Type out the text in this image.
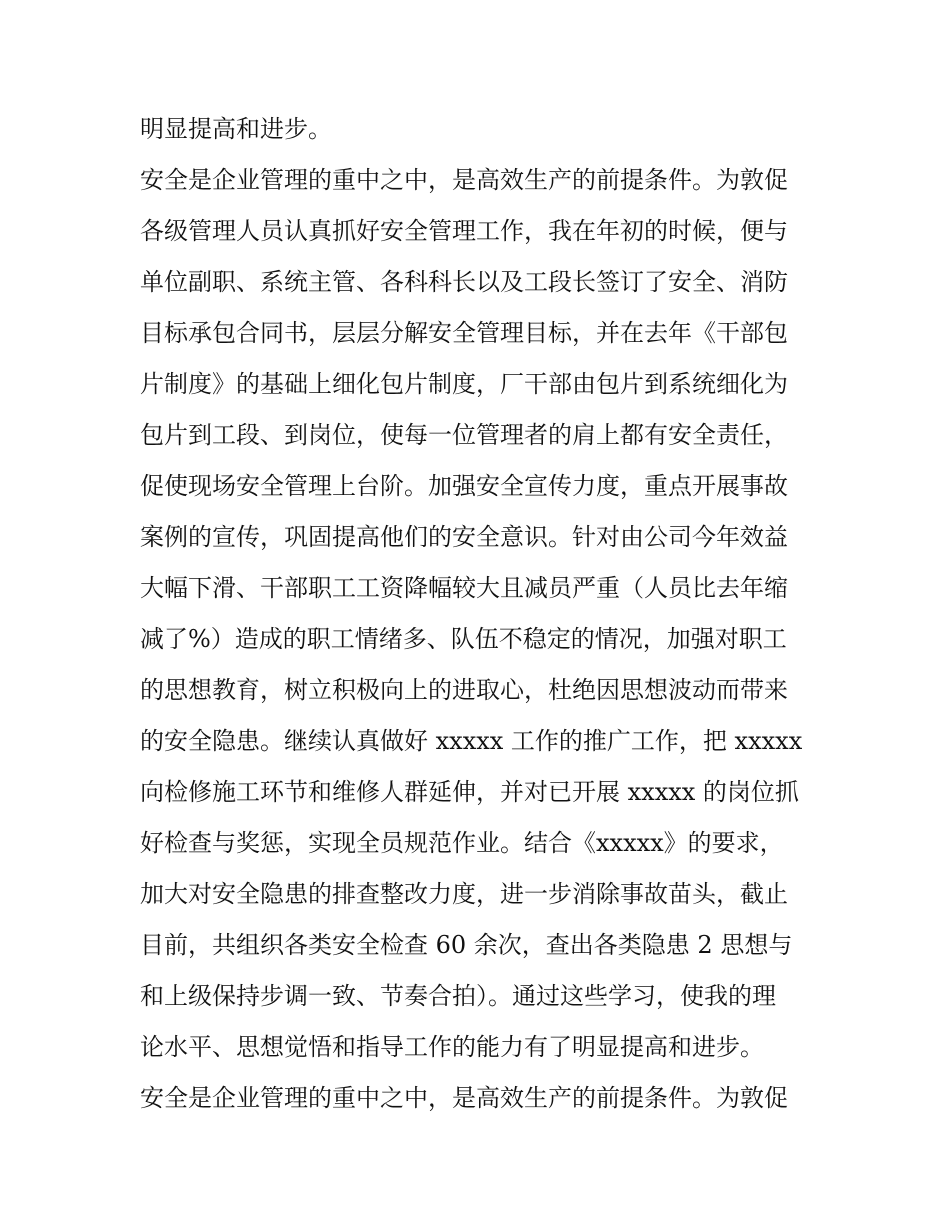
明显提高和进步。
安全是企业管理的重中之中，是高效生产的前提条件。为敦促
各级管理人员认真抓好安全管理工作，我在年初的时候，便与
单位副职、系统主管、各科科长以及工段长签订了安全、消防
目标承包合同书，层层分解安全管理目标，并在去年《干部包
片制度》的基础上细化包片制度，厂干部由包片到系统细化为
包片到工段、到岗位，使每一位管理者的肩上都有安全责任，
促使现场安全管理上台阶。加强安全宣传力度，重点开展事故
案例的宣传，巩固提高他们的安全意识。针对由公司今年效益
大幅下滑、干部职工工资降幅较大且减员严重（人员比去年缩
减了%）造成的职工情绪多、队伍不稳定的情况，加强对职工
的思想教育，树立积极向上的进取心，杜绝因思想波动而带来
的安全隐患。继续认真做好 xxxxx 工作的推广工作，把 xxxxx
向检修施工环节和维修人群延伸，并对已开展 xxxxx 的岗位抓
好检查与奖惩，实现全员规范作业。结合《xxxxx》的要求，
加大对安全隐患的排查整改力度，进一步消除事故苗头，截止
目前，共组织各类安全检查 60 余次，查出各类隐患 2 思想与
和上级保持步调一致、节奏合拍）。通过这些学习，使我的理
论水平、思想觉悟和指导工作的能力有了明显提高和进步。
安全是企业管理的重中之中，是高效生产的前提条件。为敦促
